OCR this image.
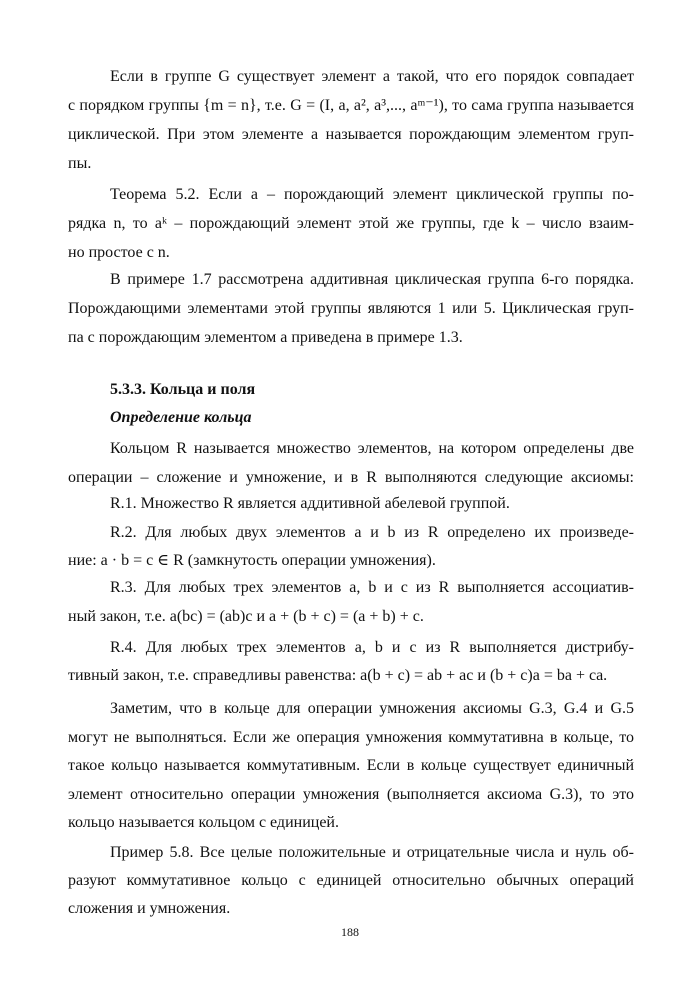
Если в группе G существует элемент a такой, что его порядок совпадает
с порядком группы {m = n}, т.е. G = (I, a, a², a³,..., aᵐ⁻¹), то сама группа называется
циклической. При этом элементе a называется порождающим элементом груп-
пы.
Теорема 5.2. Если a – порождающий элемент циклической группы по-
рядка n, то aᵏ – порождающий элемент этой же группы, где k – число взаим-
но простое с n.
В примере 1.7 рассмотрена аддитивная циклическая группа 6-го порядка.
Порождающими элементами этой группы являются 1 или 5. Циклическая груп-
па с порождающим элементом a приведена в примере 1.3.
5.3.3. Кольца и поля
Определение кольца
Кольцом R называется множество элементов, на котором определены две
операции – сложение и умножение, и в R выполняются следующие аксиомы:
R.1. Множество R является аддитивной абелевой группой.
R.2. Для любых двух элементов a и b из R определено их произведе-
ние: a · b = c ∈ R (замкнутость операции умножения).
R.3. Для любых трех элементов a, b и c из R выполняется ассоциатив-
ный закон, т.е. a(bc) = (ab)c и a + (b + c) = (a + b) + c.
R.4. Для любых трех элементов a, b и c из R выполняется дистрибу-
тивный закон, т.е. справедливы равенства: a(b + c) = ab + ac и (b + c)a = ba + ca.
Заметим, что в кольце для операции умножения аксиомы G.3, G.4 и G.5
могут не выполняться. Если же операция умножения коммутативна в кольце, то
такое кольцо называется коммутативным. Если в кольце существует единичный
элемент относительно операции умножения (выполняется аксиома G.3), то это
кольцо называется кольцом с единицей.
Пример 5.8. Все целые положительные и отрицательные числа и нуль об-
разуют коммутативное кольцо с единицей относительно обычных операций
сложения и умножения.
188
